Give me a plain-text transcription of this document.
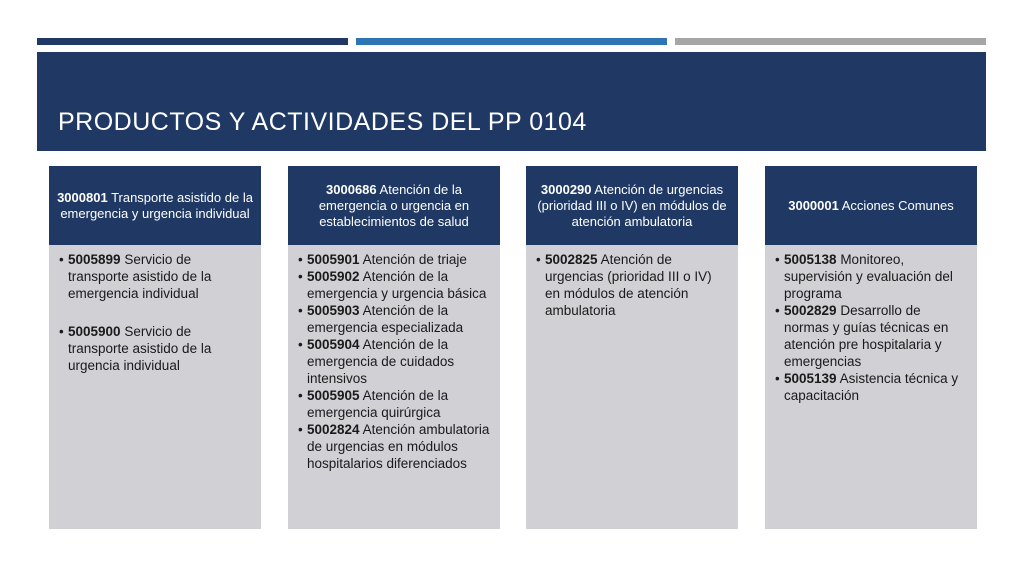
PRODUCTOS Y ACTIVIDADES DEL PP 0104
3000801 Transporte asistido de la emergencia y urgencia individual
• 5005899 Servicio de transporte asistido de la emergencia individual
• 5005900 Servicio de transporte asistido de la urgencia individual
3000686 Atención de la emergencia o urgencia en establecimientos de salud
• 5005901 Atención de triaje
• 5005902 Atención de la emergencia y urgencia básica
• 5005903 Atención de la emergencia especializada
• 5005904 Atención de la emergencia de cuidados intensivos
• 5005905 Atención de la emergencia quirúrgica
• 5002824 Atención ambulatoria de urgencias en módulos hospitalarios diferenciados
3000290 Atención de urgencias (prioridad III o IV) en módulos de atención ambulatoria
• 5002825 Atención de urgencias (prioridad III o IV) en módulos de atención ambulatoria
3000001 Acciones Comunes
• 5005138 Monitoreo, supervisión y evaluación del programa
• 5002829 Desarrollo de normas y guías técnicas en atención pre hospitalaria y emergencias
• 5005139 Asistencia técnica y capacitación
